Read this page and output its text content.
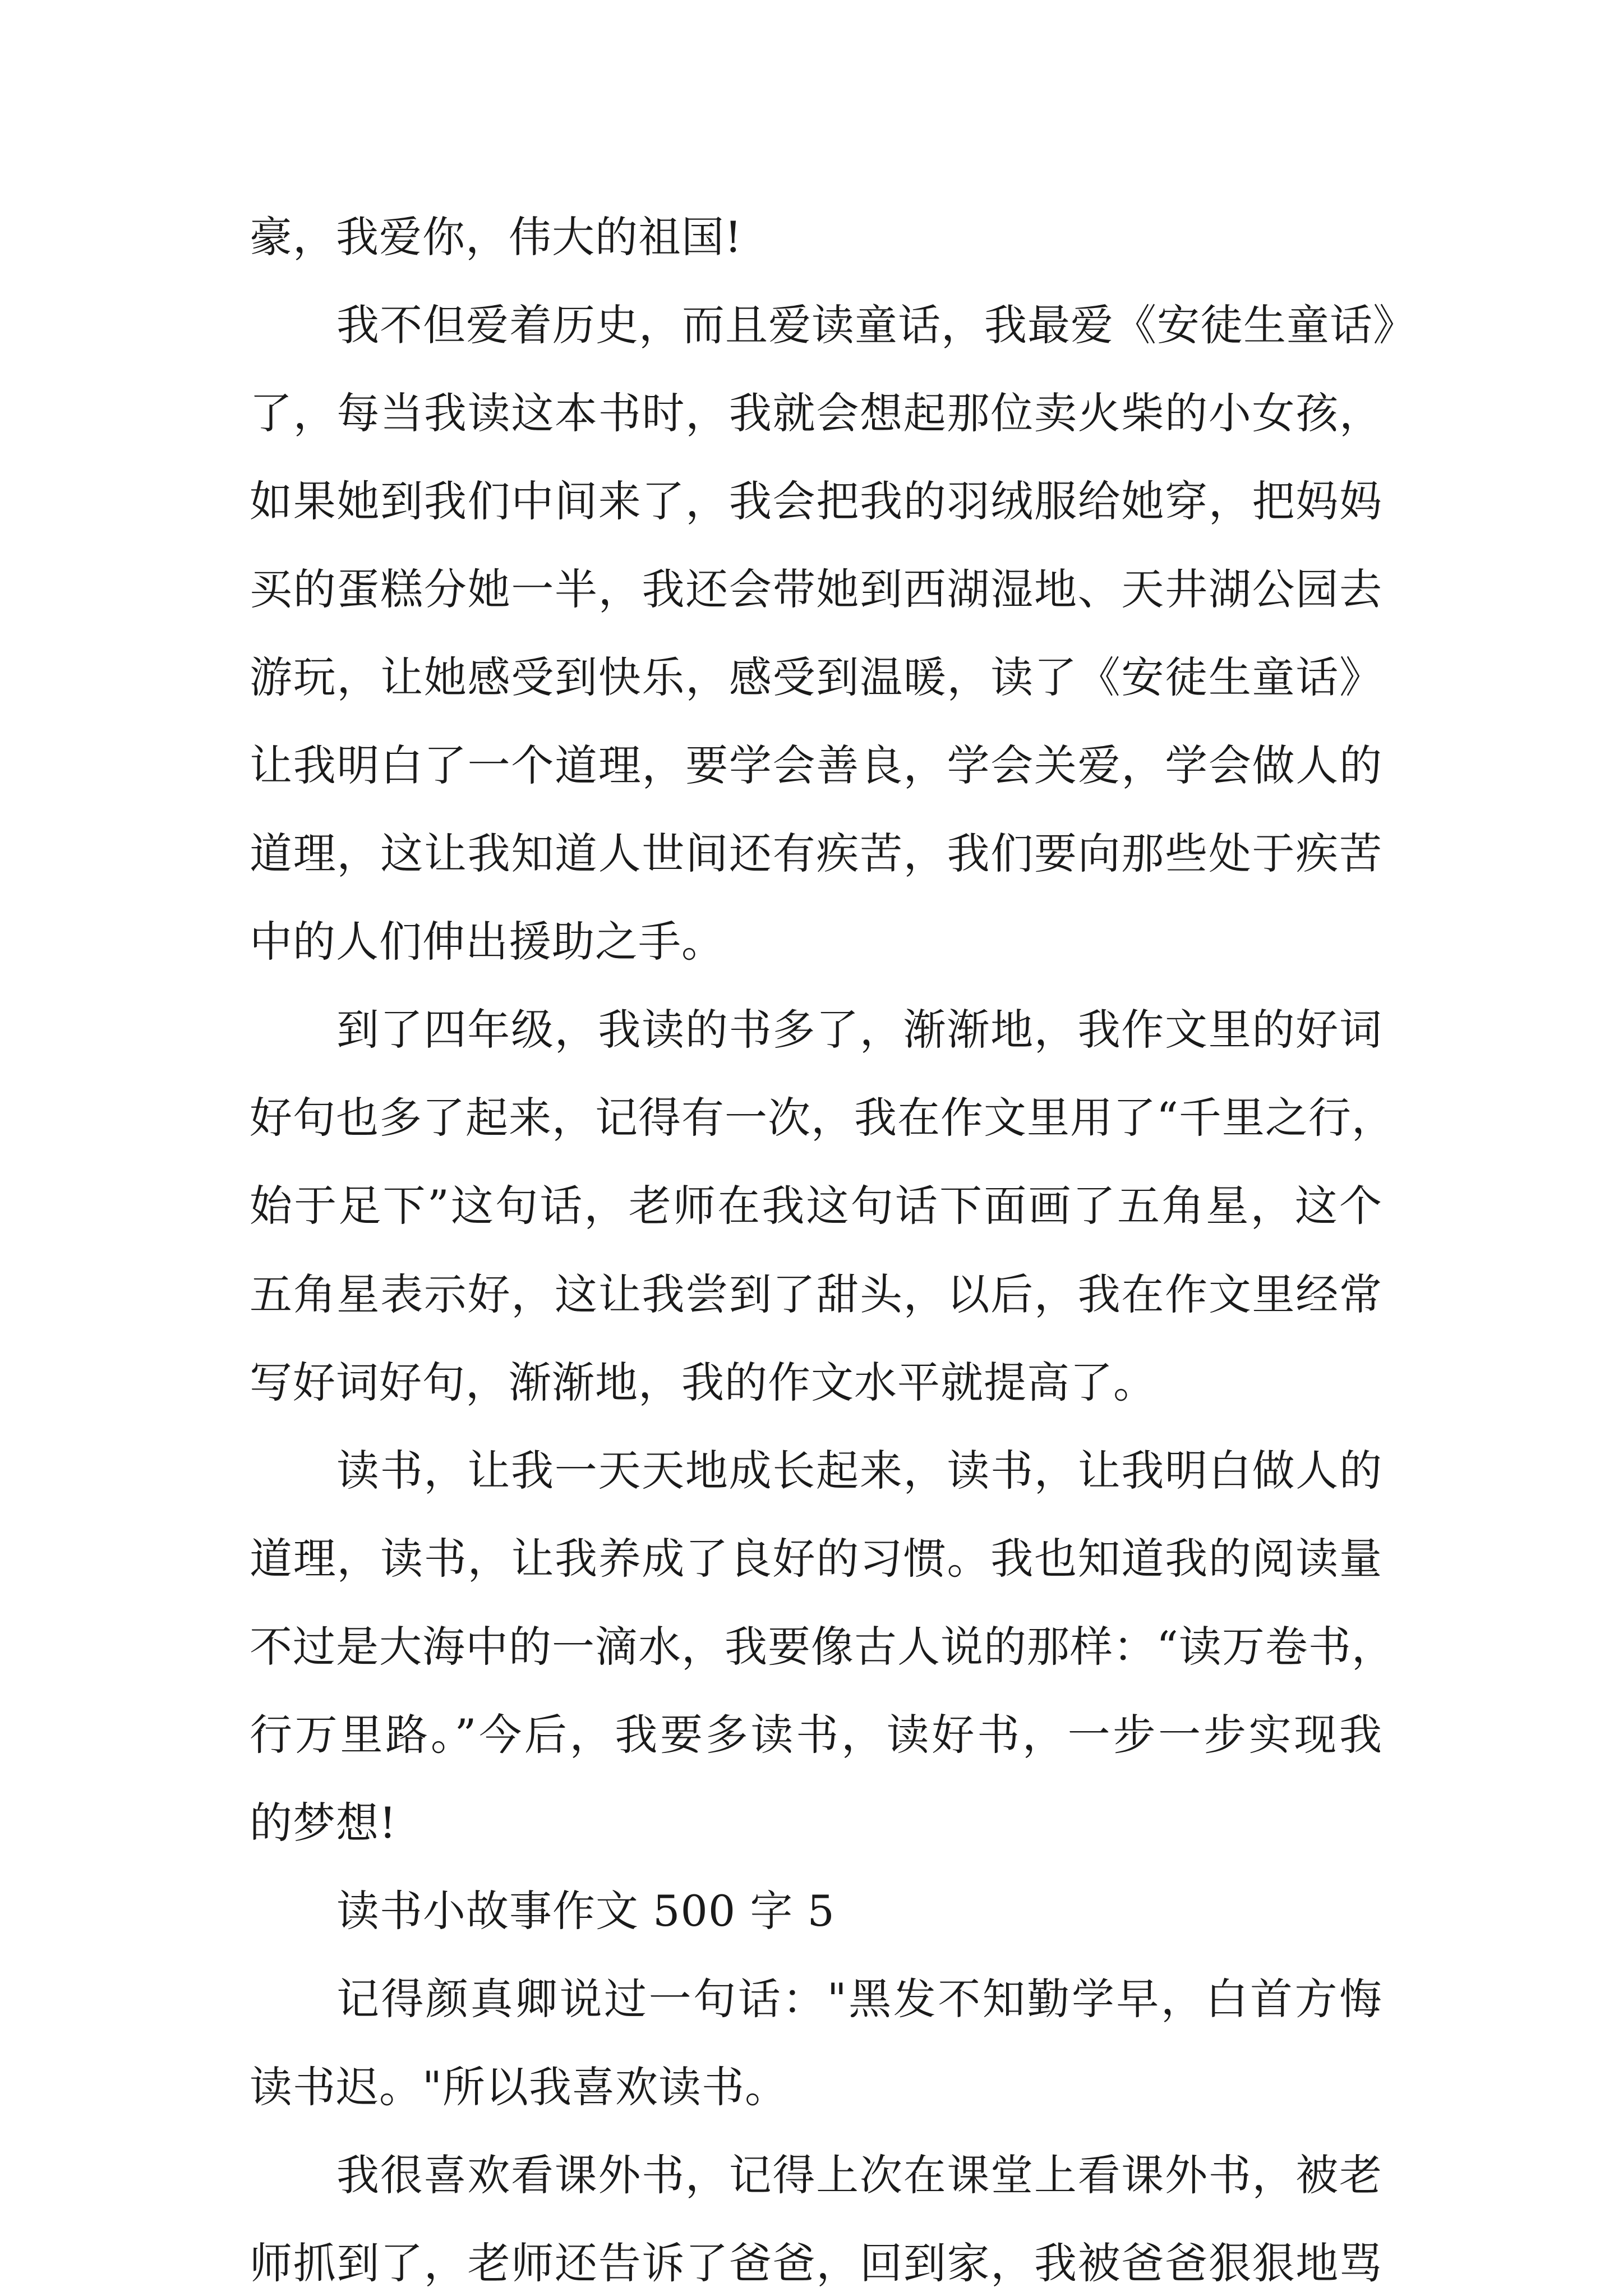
豪，我爱你，伟大的祖国!
我不但爱着历史，而且爱读童话，我最爱《安徒生童话》
了，每当我读这本书时，我就会想起那位卖火柴的小女孩，
如果她到我们中间来了，我会把我的羽绒服给她穿，把妈妈
买的蛋糕分她一半，我还会带她到西湖湿地、天井湖公园去
游玩，让她感受到快乐，感受到温暖，读了《安徒生童话》
让我明白了一个道理，要学会善良，学会关爱，学会做人的
道理，这让我知道人世间还有疾苦，我们要向那些处于疾苦
中的人们伸出援助之手。
到了四年级，我读的书多了，渐渐地，我作文里的好词
好句也多了起来，记得有一次，我在作文里用了“千里之行，
始于足下”这句话，老师在我这句话下面画了五角星，这个
五角星表示好，这让我尝到了甜头，以后，我在作文里经常
写好词好句，渐渐地，我的作文水平就提高了。
读书，让我一天天地成长起来，读书，让我明白做人的
道理，读书，让我养成了良好的习惯。我也知道我的阅读量
不过是大海中的一滴水，我要像古人说的那样：“读万卷书，
行万里路。”今后，我要多读书，读好书，一步一步实现我
的梦想!
读书小故事作文 500 字 5
记得颜真卿说过一句话："黑发不知勤学早，白首方悔
读书迟。"所以我喜欢读书。
我很喜欢看课外书，记得上次在课堂上看课外书，被老
师抓到了，老师还告诉了爸爸，回到家，我被爸爸狠狠地骂
